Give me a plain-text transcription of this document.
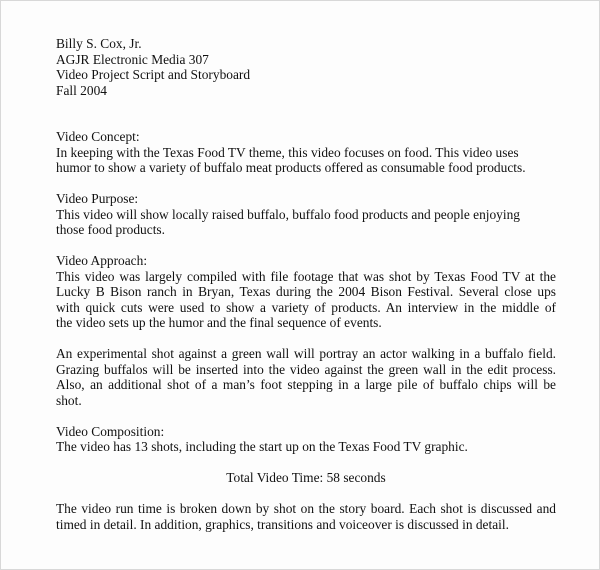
Billy S. Cox, Jr.
AGJR Electronic Media 307
Video Project Script and Storyboard
Fall 2004
Video Concept:
In keeping with the Texas Food TV theme, this video focuses on food. This video uses
humor to show a variety of buffalo meat products offered as consumable food products.
Video Purpose:
This video will show locally raised buffalo, buffalo food products and people enjoying
those food products.
Video Approach:
This video was largely compiled with file footage that was shot by Texas Food TV at the
Lucky B Bison ranch in Bryan, Texas during the 2004 Bison Festival. Several close ups
with quick cuts were used to show a variety of products. An interview in the middle of
the video sets up the humor and the final sequence of events.
An experimental shot against a green wall will portray an actor walking in a buffalo field.
Grazing buffalos will be inserted into the video against the green wall in the edit process.
Also, an additional shot of a man’s foot stepping in a large pile of buffalo chips will be
shot.
Video Composition:
The video has 13 shots, including the start up on the Texas Food TV graphic.
Total Video Time: 58 seconds
The video run time is broken down by shot on the story board. Each shot is discussed and
timed in detail. In addition, graphics, transitions and voiceover is discussed in detail.
